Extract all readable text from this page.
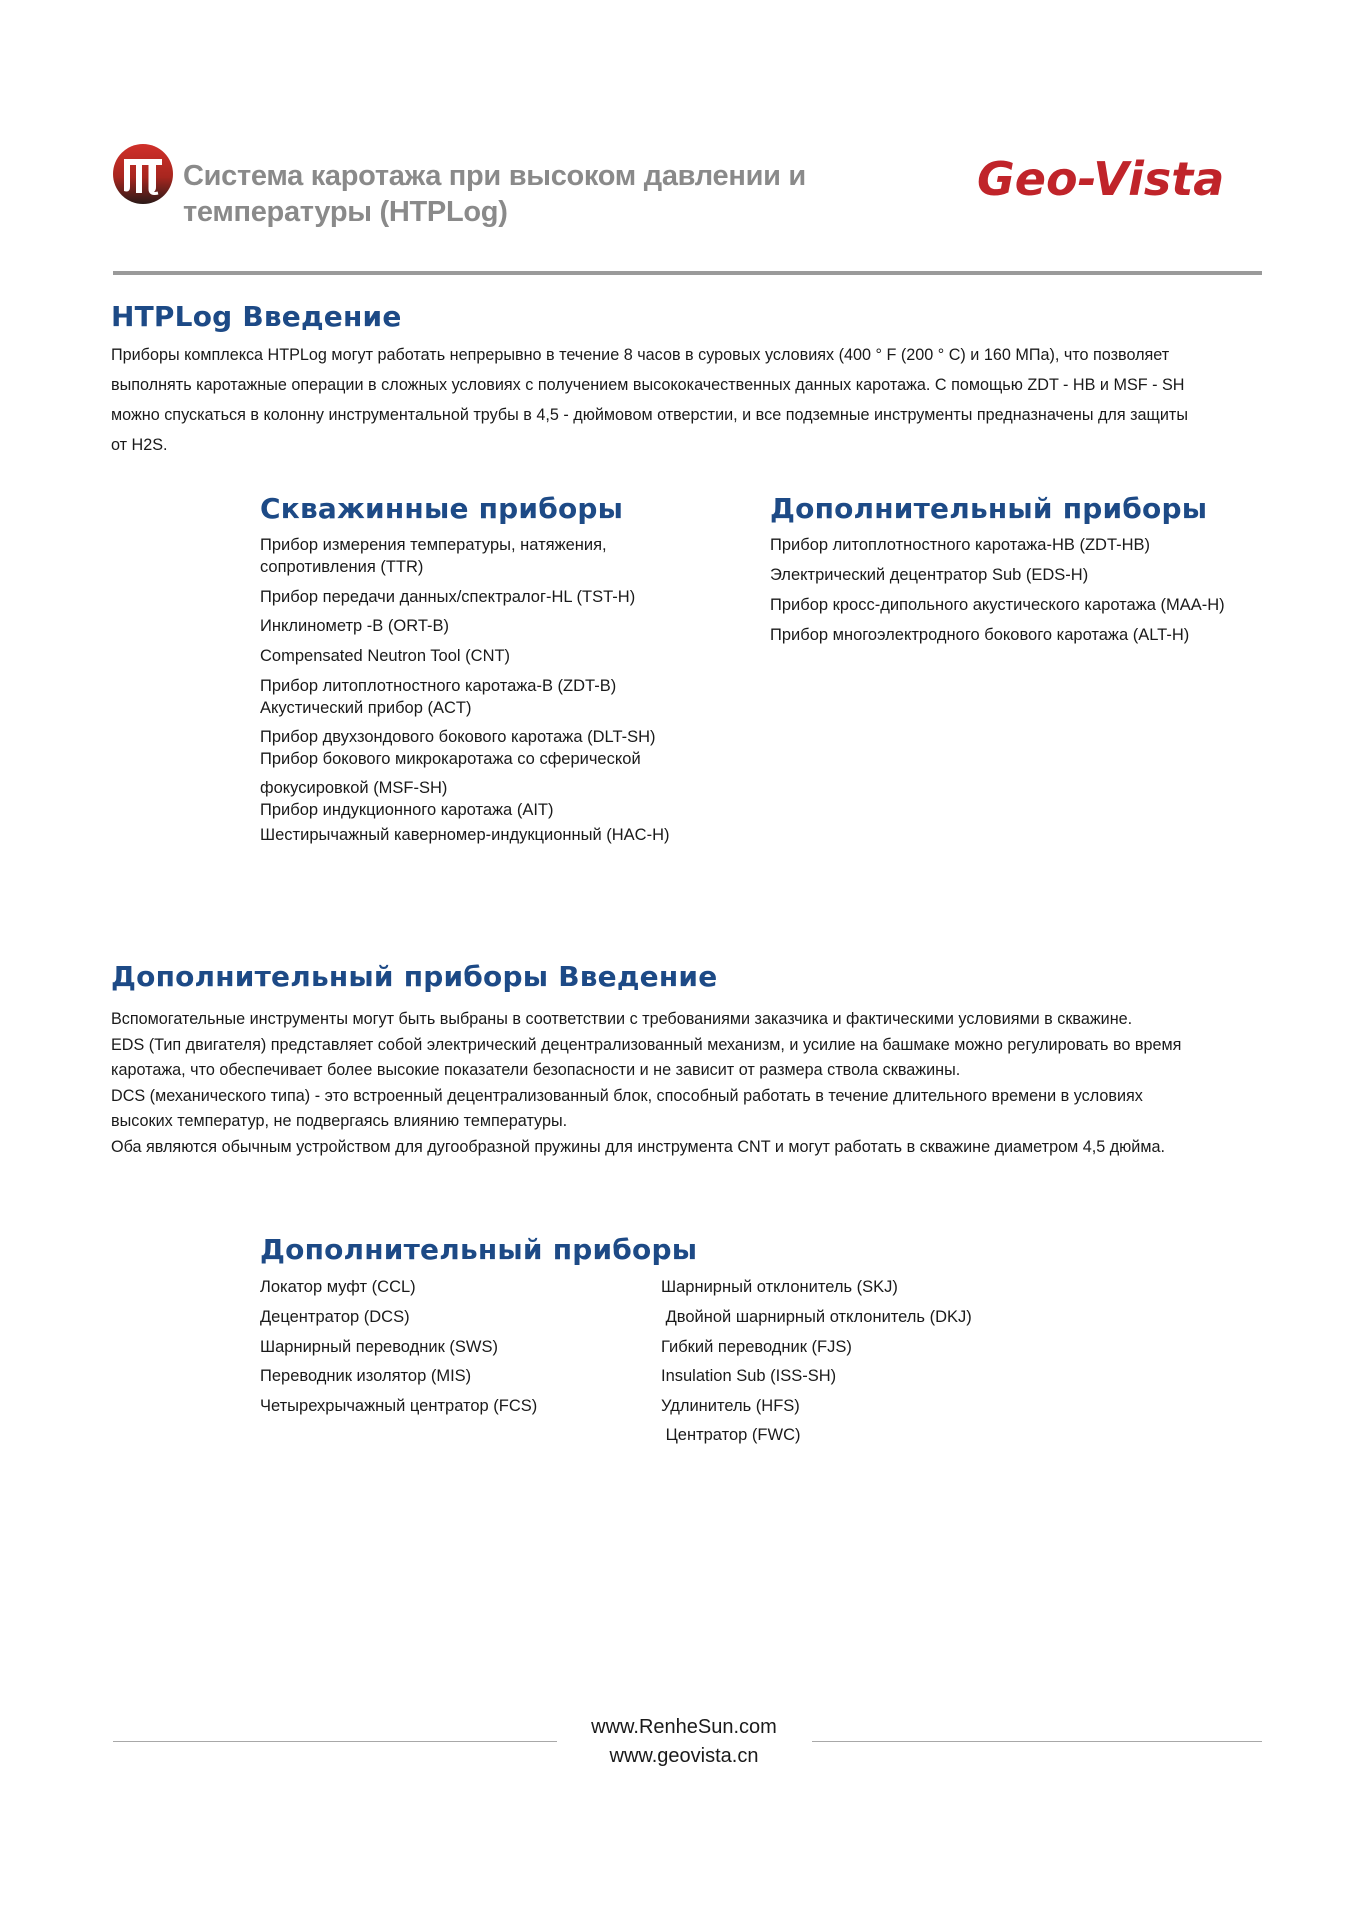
Система каротажа при высоком давлении и
температуры (HTPLog)
Geo-Vista
HTPLog Введение
Приборы комплекса HTPLog могут работать непрерывно в течение 8 часов в суровых условиях (400 ° F (200 ° C) и 160 МПа), что позволяет
выполнять каротажные операции в сложных условиях с получением высококачественных данных каротажа. С помощью ZDT - HB и MSF - SH
можно спускаться в колонну инструментальной трубы в 4,5 - дюймовом отверстии, и все подземные инструменты предназначены для защиты
от H2S.
Скважинные приборы
Прибор измерения температуры, натяжения,
сопротивления (TTR)
Прибор передачи данных/спектралог-HL (TST-H)
Инклинометр -B (ORT-B)
Compensated Neutron Tool (CNT)
Прибор литоплотностного каротажа-B (ZDT-B)
Акустический прибор (ACT)
Прибор двухзондового бокового каротажа (DLT-SH)
Прибор бокового микрокаротажа со сферической
фокусировкой (MSF-SH)
Прибор индукционного каротажа (AIT)
Шестирычажный каверномер-индукционный (HAC-H)
Дополнительный приборы
Прибор литоплотностного каротажа-HB (ZDT-HB)
Электрический децентратор Sub (EDS-H)
Прибор кросс-дипольного акустического каротажа (MAA-H)
Прибор многоэлектродного бокового каротажа (ALT-H)
Дополнительный приборы Введение
Вспомогательные инструменты могут быть выбраны в соответствии с требованиями заказчика и фактическими условиями в скважине.
EDS (Тип двигателя) представляет собой электрический децентрализованный механизм, и усилие на башмаке можно регулировать во время
каротажа, что обеспечивает более высокие показатели безопасности и не зависит от размера ствола скважины.
DCS (механического типа) - это встроенный децентрализованный блок, способный работать в течение длительного времени в условиях
высоких температур, не подвергаясь влиянию температуры.
Оба являются обычным устройством для дугообразной пружины для инструмента CNT и могут работать в скважине диаметром 4,5 дюйма.
Дополнительный приборы
Локатор муфт (CCL)
Децентратор (DCS)
Шарнирный переводник (SWS)
Переводник изолятор (MIS)
Четырехрычажный центратор (FCS)
Шарнирный отклонитель (SKJ)
Двойной шарнирный отклонитель (DKJ)
Гибкий переводник (FJS)
Insulation Sub (ISS-SH)
Удлинитель (HFS)
Центратор (FWC)
www.RenheSun.com
www.geovista.cn
